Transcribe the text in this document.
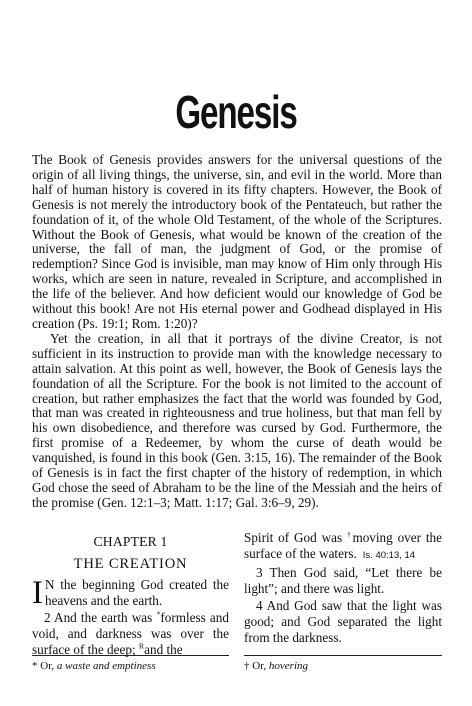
Genesis

The Book of Genesis provides answers for the universal questions of the origin of all living things, the universe, sin, and evil in the world. More than half of human history is covered in its fifty chapters. However, the Book of Genesis is not merely the introductory book of the Pentateuch, but rather the foundation of it, of the whole Old Testament, of the whole of the Scriptures. Without the Book of Genesis, what would be known of the creation of the universe, the fall of man, the judgment of God, or the promise of redemption? Since God is invisible, man may know of Him only through His works, which are seen in nature, revealed in Scripture, and accomplished in the life of the believer. And how deficient would our knowledge of God be without this book! Are not His eternal power and Godhead displayed in His creation (Ps. 19:1; Rom. 1:20)?

Yet the creation, in all that it portrays of the divine Creator, is not sufficient in its instruction to provide man with the knowledge necessary to attain salvation. At this point as well, however, the Book of Genesis lays the foundation of all the Scripture. For the book is not limited to the account of creation, but rather emphasizes the fact that the world was founded by God, that man was created in righteousness and true holiness, but that man fell by his own disobedience, and therefore was cursed by God. Furthermore, the first promise of a Redeemer, by whom the curse of death would be vanquished, is found in this book (Gen. 3:15, 16). The remainder of the Book of Genesis is in fact the first chapter of the history of redemption, in which God chose the seed of Abraham to be the line of the Messiah and the heirs of the promise (Gen. 12:1–3; Matt. 1:17; Gal. 3:6–9, 29).

CHAPTER 1
THE CREATION

I N the beginning God created the heavens and the earth.

2 And the earth was *formless and void, and darkness was over the surface of the deep; $^R$and the

Spirit of God was †moving over the surface of the waters. Is. 40:13, 14

3 Then God said, “Let there be light”; and there was light.

4 And God saw that the light was good; and God separated the light from the darkness.

* Or, a waste and emptiness	† Or, hovering
